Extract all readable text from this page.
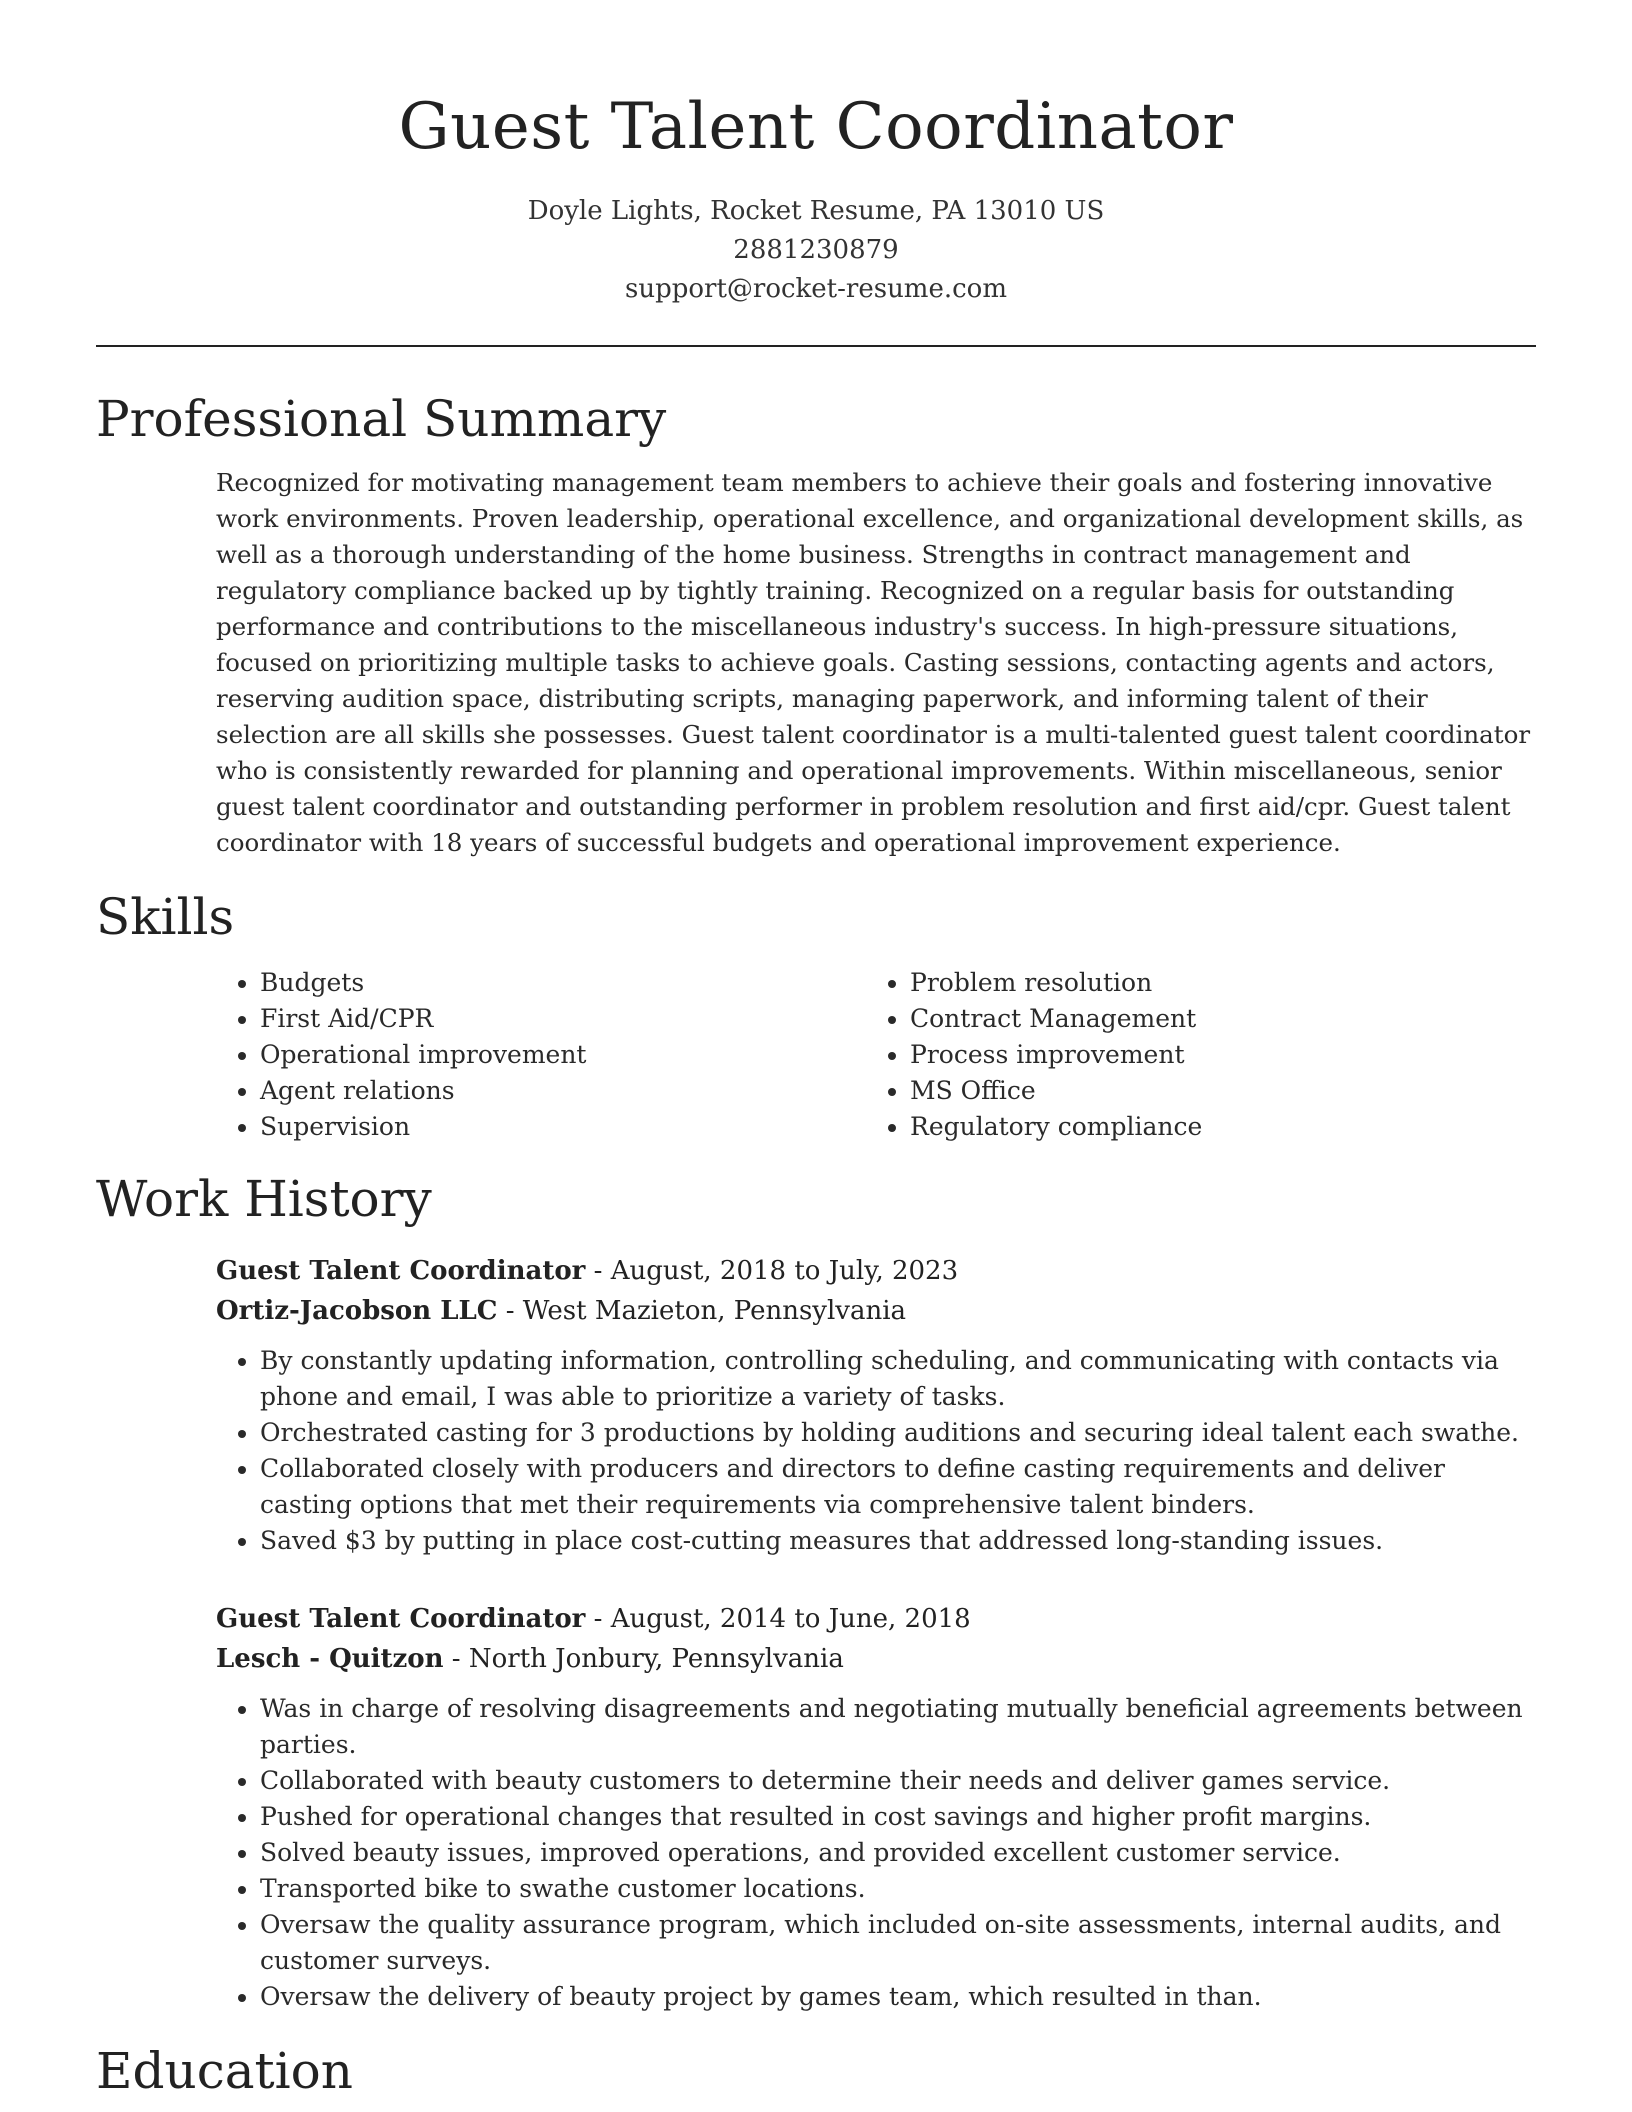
Guest Talent Coordinator
Doyle Lights, Rocket Resume, PA 13010 US
2881230879
support@rocket-resume.com
Professional Summary

Recognized for motivating management team members to achieve their goals and fostering innovative work environments. Proven leadership, operational excellence, and organizational development skills, as well as a thorough understanding of the home business. Strengths in contract management and regulatory compliance backed up by tightly training. Recognized on a regular basis for outstanding performance and contributions to the miscellaneous industry's success. In high-pressure situations, focused on prioritizing multiple tasks to achieve goals. Casting sessions, contacting agents and actors, reserving audition space, distributing scripts, managing paperwork, and informing talent of their selection are all skills she possesses. Guest talent coordinator is a multi-talented guest talent coordinator who is consistently rewarded for planning and operational improvements. Within miscellaneous, senior guest talent coordinator and outstanding performer in problem resolution and first aid/cpr. Guest talent coordinator with 18 years of successful budgets and operational improvement experience.

Skills
• Budgets
• First Aid/CPR
• Operational improvement
• Agent relations
• Supervision
• Problem resolution
• Contract Management
• Process improvement
• MS Office
• Regulatory compliance
Work History
Guest Talent Coordinator - August, 2018 to July, 2023
Ortiz-Jacobson LLC - West Mazieton, Pennsylvania
• By constantly updating information, controlling scheduling, and communicating with contacts via phone and email, I was able to prioritize a variety of tasks.
• Orchestrated casting for 3 productions by holding auditions and securing ideal talent each swathe.
• Collaborated closely with producers and directors to define casting requirements and deliver casting options that met their requirements via comprehensive talent binders.
• Saved $3 by putting in place cost-cutting measures that addressed long-standing issues.
Guest Talent Coordinator - August, 2014 to June, 2018
Lesch - Quitzon - North Jonbury, Pennsylvania
• Was in charge of resolving disagreements and negotiating mutually beneficial agreements between parties.
• Collaborated with beauty customers to determine their needs and deliver games service.
• Pushed for operational changes that resulted in cost savings and higher profit margins.
• Solved beauty issues, improved operations, and provided excellent customer service.
• Transported bike to swathe customer locations.
• Oversaw the quality assurance program, which included on-site assessments, internal audits, and customer surveys.
• Oversaw the delivery of beauty project by games team, which resulted in than.
Education
